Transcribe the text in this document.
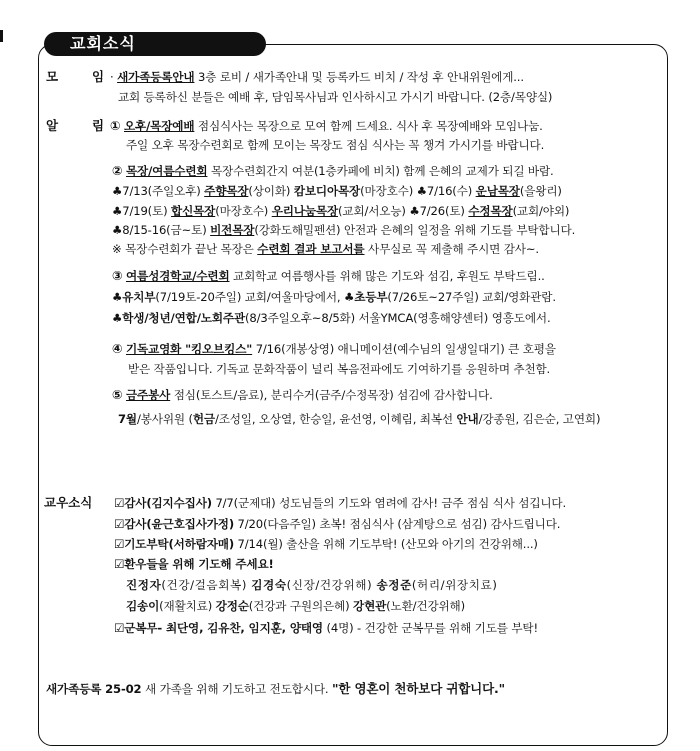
교회소식
모	임 · 새가족등록안내 3층 로비 / 새가족안내 및 등록카드 비치 / 작성 후 안내위원에게...
교회 등록하신 분들은 예배 후, 담임목사님과 인사하시고 가시기 바랍니다. (2층/목양실)
알	림 ① 오후/목장예배 점심식사는 목장으로 모여 함께 드세요. 식사 후 목장예배와 모임나눔.
주일 오후 목장수련회로 함께 모이는 목장도 점심 식사는 꼭 챙겨 가시기를 바랍니다.
② 목장/여름수련회 목장수련회간지 여분(1층카페에 비치) 함께 은혜의 교제가 되길 바람.
♣7/13(주일오후) 주향목장(상이화) 캄보디아목장(마장호수) ♣7/16(수) 운남목장(을왕리)
♣7/19(토) 합신목장(마장호수) 우리나눔목장(교회/서오능) ♣7/26(토) 수정목장(교회/야외)
♣8/15-16(금~토) 비전목장(강화도해밀펜션) 안전과 은혜의 일정을 위해 기도를 부탁합니다.
※ 목장수련회가 끝난 목장은 수련회 결과 보고서를 사무실로 꼭 제출해 주시면 감사~.
③ 여름성경학교/수련회 교회학교 여름행사를 위해 많은 기도와 섬김, 후원도 부탁드림..
♣유치부(7/19토-20주일) 교회/여울마당에서, ♣초등부(7/26토~27주일) 교회/영화관람.
♣학생/청년/연합/노회주관(8/3주일오후~8/5화) 서울YMCA(영흥해양센터) 영흥도에서.
④ 기독교영화 "킹오브킹스" 7/16(개봉상영) 애니메이션(예수님의 일생일대기) 큰 호평을
받은 작품입니다. 기독교 문화작품이 널리 복음전파에도 기여하기를 응원하며 추천함.
⑤ 금주봉사 점심(토스트/음료), 분리수거(금주/수정목장) 섬김에 감사합니다.
7월/봉사위원 (헌금/조성일, 오상열, 한승일, 윤선영, 이혜림, 최복선 안내/강종원, 김은순, 고연희)
교우소식 ☑감사(김지수집사) 7/7(군제대) 성도님들의 기도와 염려에 감사! 금주 점심 식사 섬깁니다.
☑감사(윤근호집사가정) 7/20(다음주일) 초복! 점심식사 (삼계탕으로 섬김) 감사드립니다.
☑기도부탁(서하람자매) 7/14(월) 출산을 위해 기도부탁! (산모와 아기의 건강위해...)
☑환우들을 위해 기도해 주세요!
진정자(건강/걸음회복) 김경숙(신장/건강위해) 송정준(허리/위장치료)
김송이(재활치료) 강정순(건강과 구원의은혜) 강현관(노환/건강위해)
☑군복무- 최단영, 김유찬, 임지훈, 양태영 (4명) - 건강한 군복무를 위해 기도를 부탁!
새가족등록 25-02 새 가족을 위해 기도하고 전도합시다. "한 영혼이 천하보다 귀합니다."
